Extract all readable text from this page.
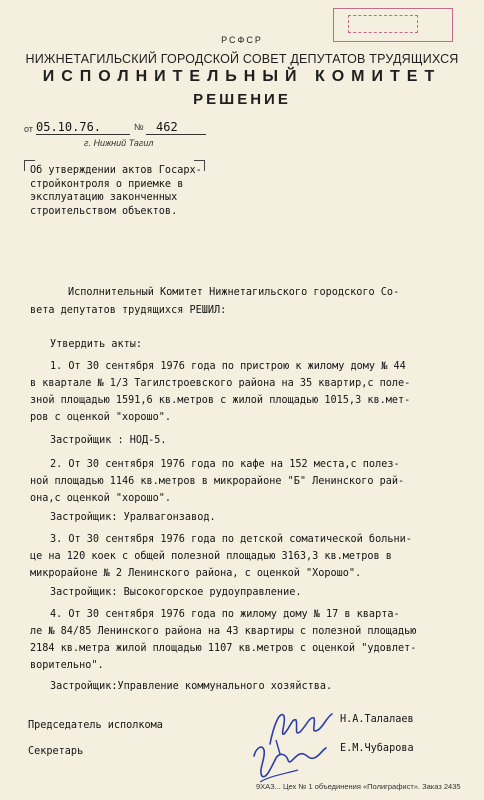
РСФСР
НИЖНЕТАГИЛЬСКИЙ ГОРОДСКОЙ СОВЕТ ДЕПУТАТОВ ТРУДЯЩИХСЯ
ИСПОЛНИТЕЛЬНЫЙ КОМИТЕТ
РЕШЕНИЕ
от 05.10.76.	№ 462
г. Нижний Тагил
Об утверждении актов Госарх-
стройконтроля о приемке в
эксплуатацию законченных
строительством объектов.
Исполнительный Комитет Нижнетагильского городского Со-
вета депутатов трудящихся РЕШИЛ:
Утвердить акты:
1. От 30 сентября 1976 года по пристрою к жилому дому № 44
в квартале № 1/3 Тагилстроевского района на 35 квартир,с поле-
зной площадью 1591,6 кв.метров с жилой площадью 1015,3 кв.мет-
ров с оценкой "хорошо".
Застройщик : НОД-5.
2. От 30 сентября 1976 года по кафе на 152 места,с полез-
ной площадью 1146 кв.метров в микрорайоне "Б" Ленинского рай-
она,с оценкой "хорошо".
Застройщик: Уралвагонзавод.
3. От 30 сентября 1976 года по детской соматической больни-
це на 120 коек с общей полезной площадью 3163,3 кв.метров в
микрорайоне № 2 Ленинского района, с оценкой "Хорошо".
Застройщик: Высокогорское рудоуправление.
4. От 30 сентября 1976 года по жилому дому № 17 в кварта-
ле № 84/85 Ленинского района на 43 квартиры с полезной площадью
2184 кв.метра жилой площадью 1107 кв.метров с оценкой "удовлет-
ворительно".
Застройщик:Управление коммунального хозяйства.
Председатель исполкома
Н.А.Талалаев
Секретарь	Е.М.Чубарова
9ХАЗ... Цех № 1 объединения «Полиграфист». Заказ 2435
